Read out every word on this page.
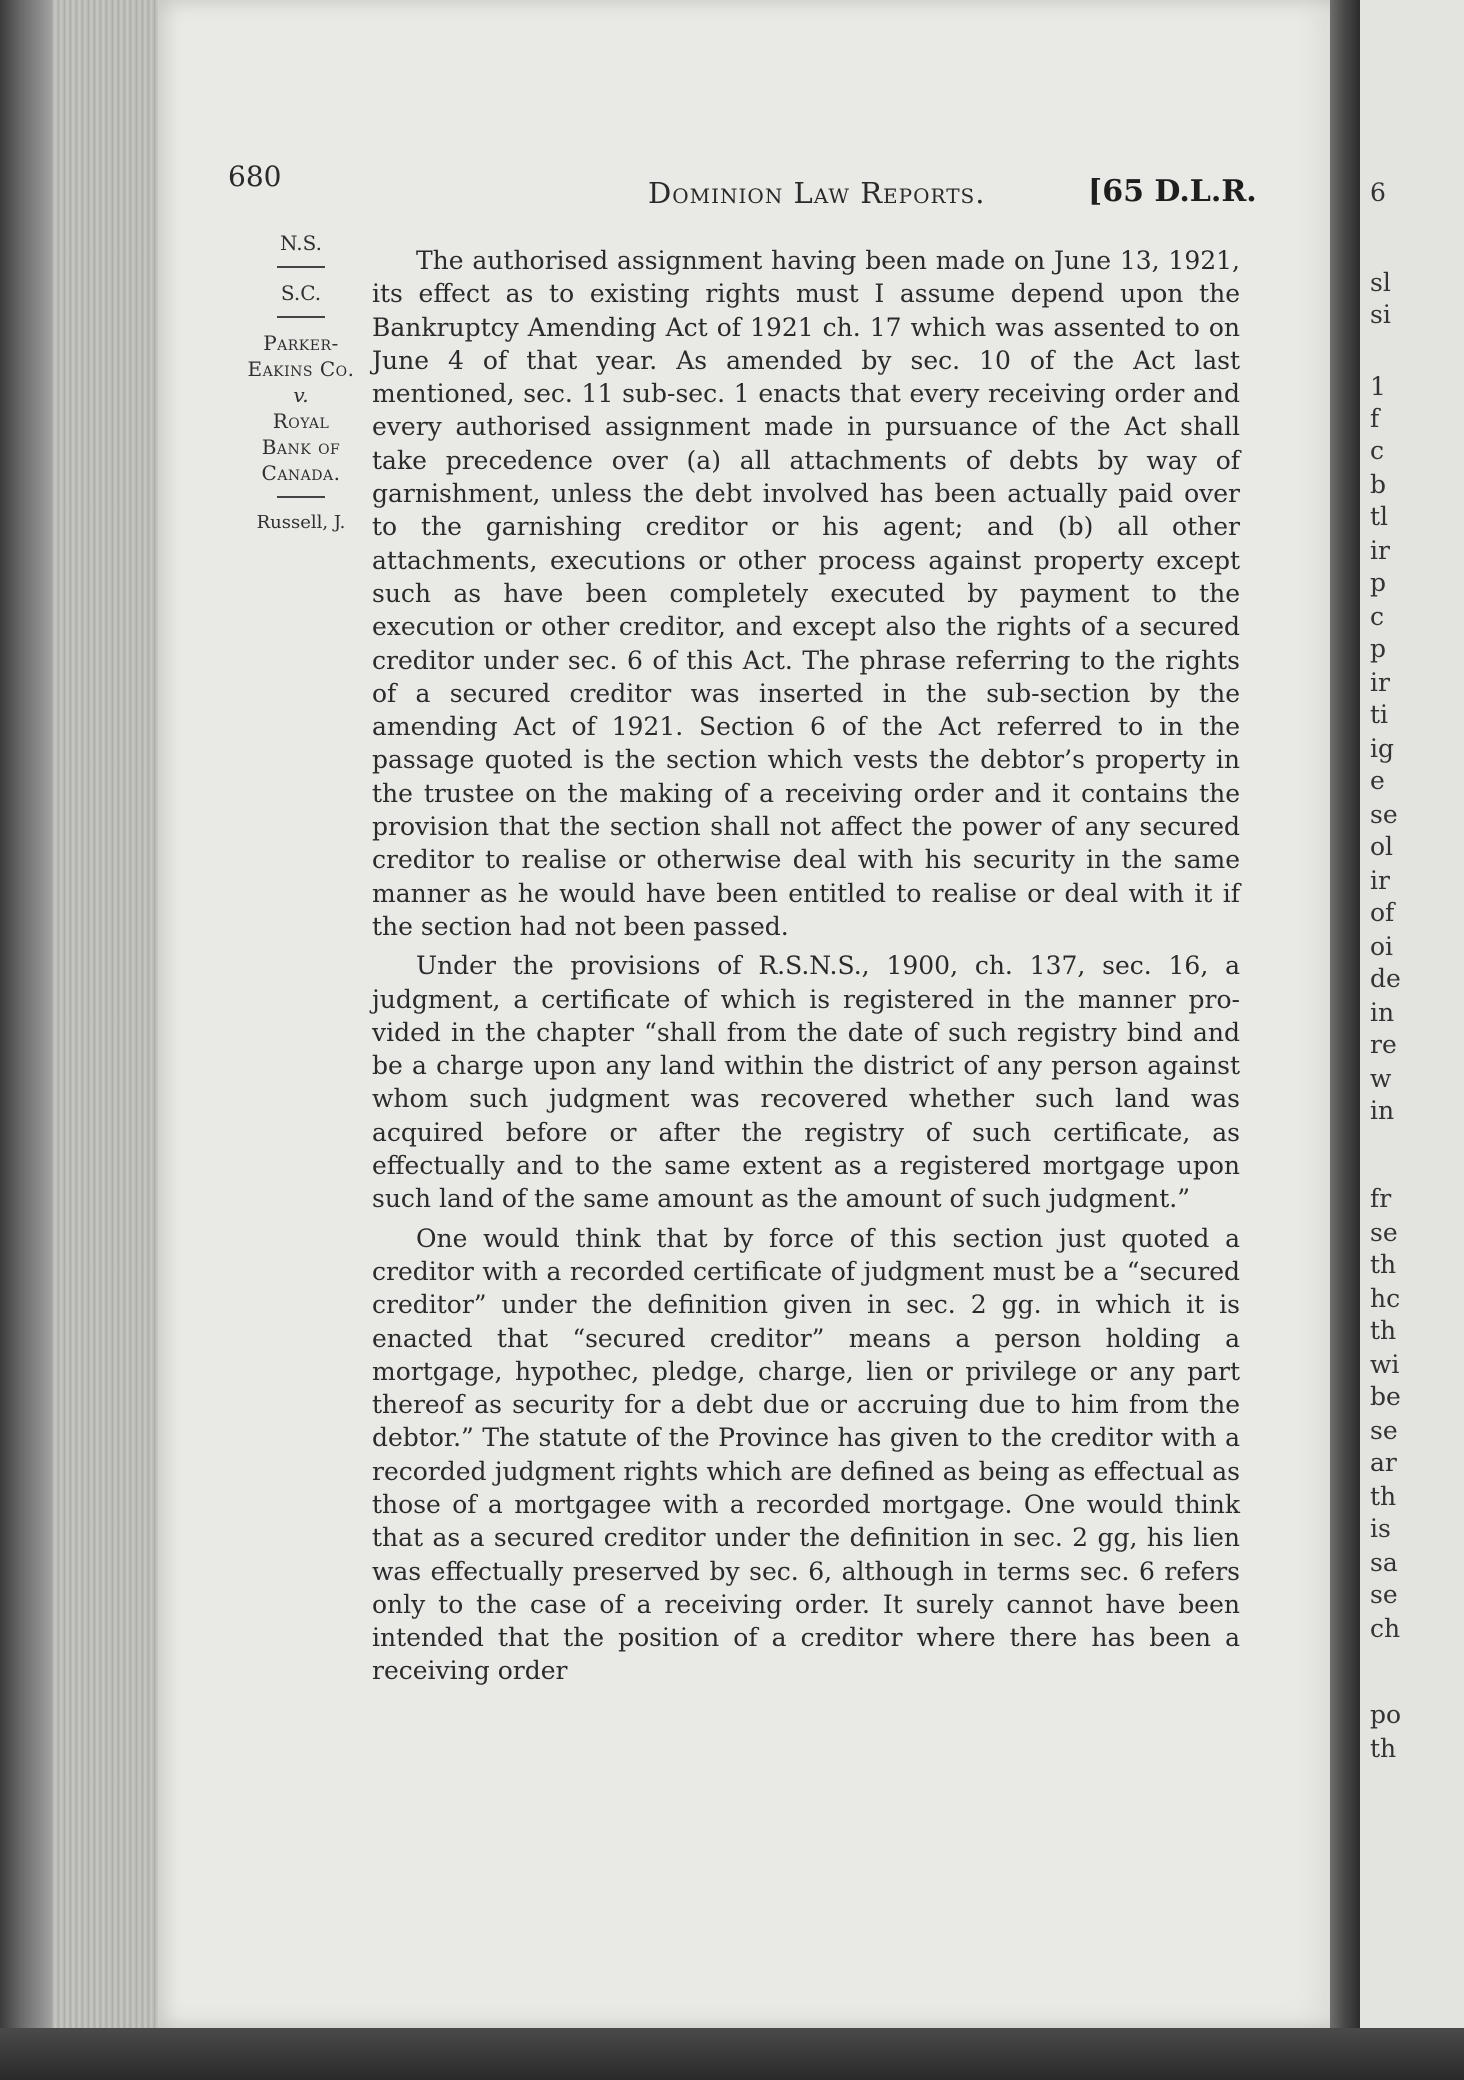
6
sl
si
1
f
c
b
tl
ir
p
c
p
ir
ti
ig
e
se
ol
ir
of
oi
de
in
re
w
in
fr
se
th
hc
th
wi
be
se
ar
th
is
sa
se
ch
po
th
680	Dominion Law Reports.	[65 D.L.R.
N.S.
S.C.
Parker-
Eakins Co.
v.
Royal
Bank of
Canada.
Russell, J.

The authorised assignment having been made on June 13, 1921, its effect as to existing rights must I assume depend upon the Bankruptcy Amending Act of 1921 ch. 17 which was assented to on June 4 of that year. As amended by sec. 10 of the Act last mentioned, sec. 11 sub-sec. 1 enacts that every receiving order and every authorised assignment made in pursuance of the Act shall take precedence over (a) all attachments of debts by way of garnishment, unless the debt involved has been actually paid over to the garnishing creditor or his agent; and (b) all other attachments, executions or other process against property except such as have been completely executed by payment to the execution or other creditor, and except also the rights of a secured creditor under sec. 6 of this Act. The phrase referring to the rights of a secured creditor was inserted in the sub-section by the amending Act of 1921. Section 6 of the Act referred to in the passage quoted is the section which vests the debtor’s property in the trustee on the making of a receiving order and it contains the provision that the section shall not affect the power of any secured creditor to realise or otherwise deal with his security in the same manner as he would have been entitled to realise or deal with it if the section had not been passed.

Under the provisions of R.S.N.S., 1900, ch. 137, sec. 16, a judgment, a certificate of which is registered in the manner provided in the chapter “shall from the date of such registry bind and be a charge upon any land within the district of any person against whom such judgment was recovered whether such land was acquired before or after the registry of such certificate, as effectually and to the same extent as a registered mortgage upon such land of the same amount as the amount of such judgment.”

One would think that by force of this section just quoted a creditor with a recorded certificate of judgment must be a “secured creditor” under the definition given in sec. 2 gg. in which it is enacted that “secured creditor” means a person holding a mortgage, hypothec, pledge, charge, lien or privilege or any part thereof as security for a debt due or accruing due to him from the debtor.” The statute of the Province has given to the creditor with a recorded judgment rights which are defined as being as effectual as those of a mortgagee with a recorded mortgage. One would think that as a secured creditor under the definition in sec. 2 gg, his lien was effectually preserved by sec. 6, although in terms sec. 6 refers only to the case of a receiving order. It surely cannot have been intended that the position of a creditor where there has been a receiving order
